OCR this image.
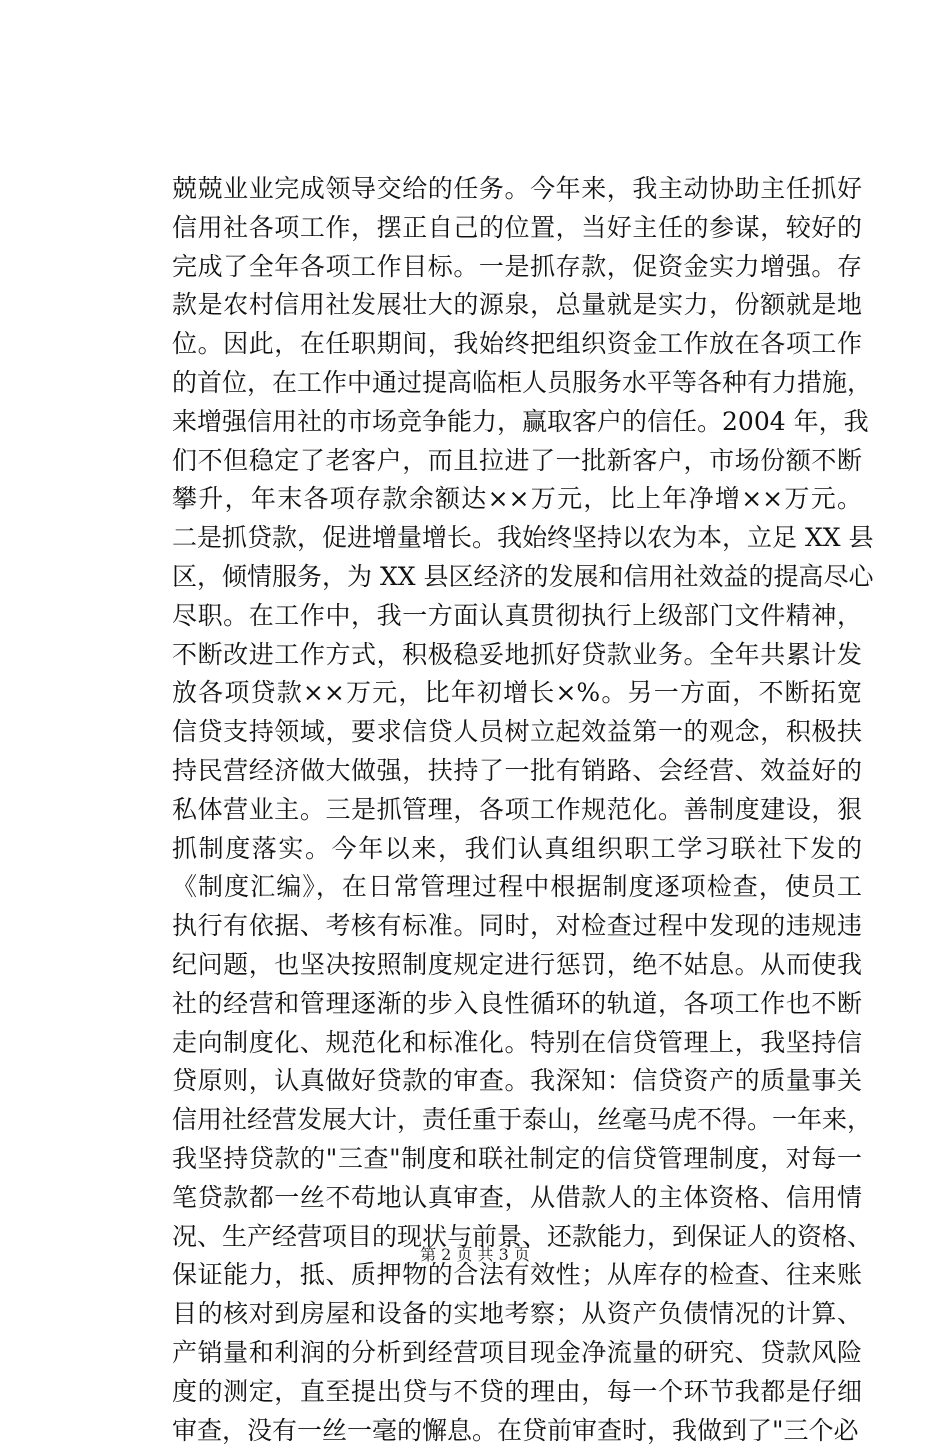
兢兢业业完成领导交给的任务。今年来，我主动协助主任抓好
信用社各项工作，摆正自己的位置，当好主任的参谋，较好的
完成了全年各项工作目标。一是抓存款，促资金实力增强。存
款是农村信用社发展壮大的源泉，总量就是实力，份额就是地
位。因此，在任职期间，我始终把组织资金工作放在各项工作
的首位，在工作中通过提高临柜人员服务水平等各种有力措施，
来增强信用社的市场竞争能力，赢取客户的信任。2004 年，我
们不但稳定了老客户，而且拉进了一批新客户，市场份额不断
攀升，年末各项存款余额达××万元，比上年净增××万元。
二是抓贷款，促进增量增长。我始终坚持以农为本，立足 XX 县
区，倾情服务，为 XX 县区经济的发展和信用社效益的提高尽心
尽职。在工作中，我一方面认真贯彻执行上级部门文件精神，
不断改进工作方式，积极稳妥地抓好贷款业务。全年共累计发
放各项贷款××万元，比年初增长×%。另一方面，不断拓宽
信贷支持领域，要求信贷人员树立起效益第一的观念，积极扶
持民营经济做大做强，扶持了一批有销路、会经营、效益好的
私体营业主。三是抓管理，各项工作规范化。善制度建设，狠
抓制度落实。今年以来，我们认真组织职工学习联社下发的
《制度汇编》，在日常管理过程中根据制度逐项检查，使员工
执行有依据、考核有标准。同时，对检查过程中发现的违规违
纪问题，也坚决按照制度规定进行惩罚，绝不姑息。从而使我
社的经营和管理逐渐的步入良性循环的轨道，各项工作也不断
走向制度化、规范化和标准化。特别在信贷管理上，我坚持信
贷原则，认真做好贷款的审查。我深知：信贷资产的质量事关
信用社经营发展大计，责任重于泰山，丝毫马虎不得。一年来，
我坚持贷款的"三查"制度和联社制定的信贷管理制度，对每一
笔贷款都一丝不苟地认真审查，从借款人的主体资格、信用情
况、生产经营项目的现状与前景、还款能力，到保证人的资格、
保证能力，抵、质押物的合法有效性；从库存的检查、往来账
目的核对到房屋和设备的实地考察；从资产负债情况的计算、
产销量和利润的分析到经营项目现金净流量的研究、贷款风险
度的测定，直至提出贷与不贷的理由，每一个环节我都是仔细
审查，没有一丝一毫的懈息。在贷前审查时，我做到了"三个必
第 2 页 共 3 页
